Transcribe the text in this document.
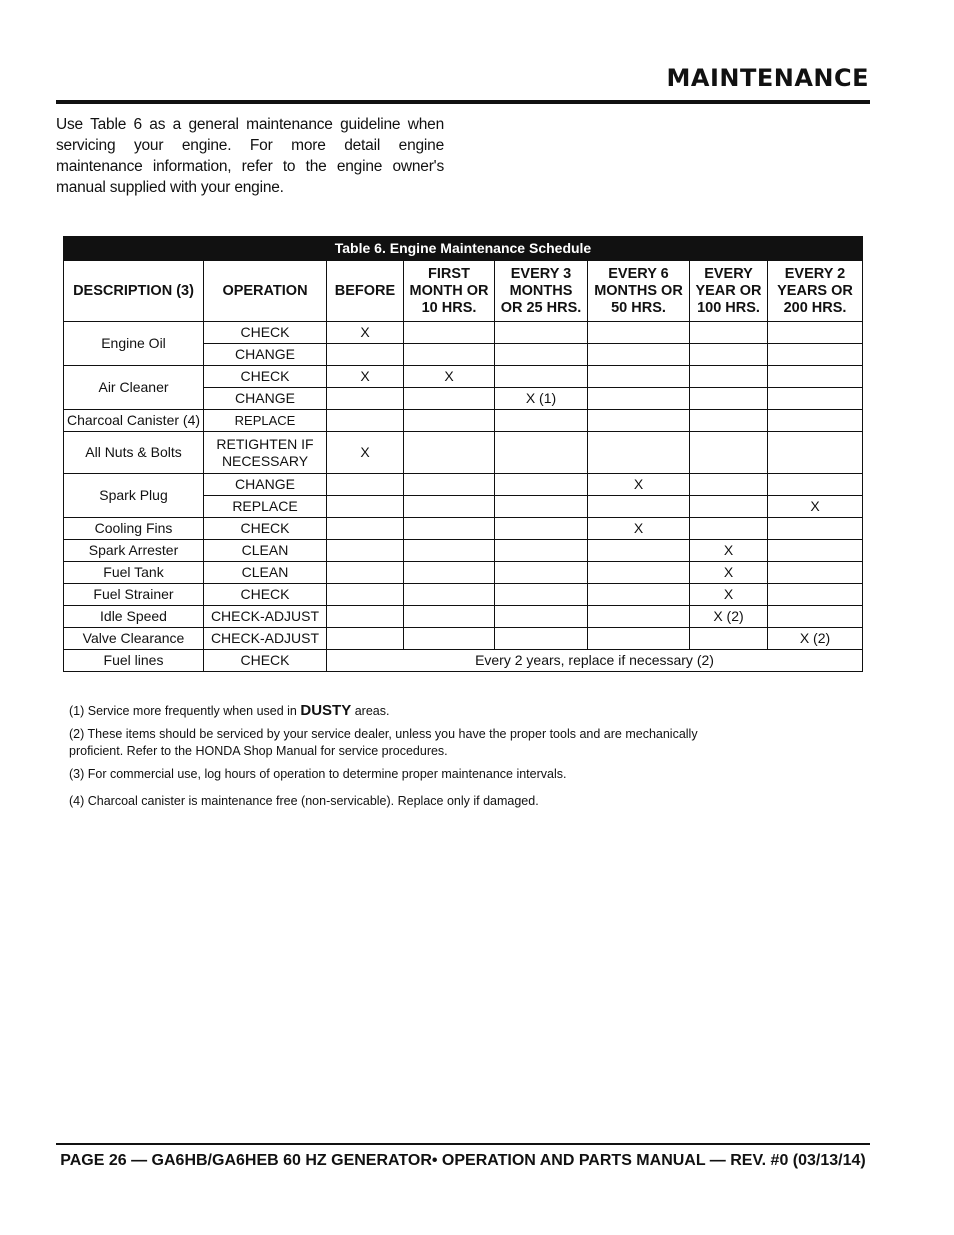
MAINTENANCE
Use Table 6 as a general maintenance guideline when servicing your engine. For more detail engine maintenance information, refer to the engine owner's manual supplied with your engine.
Table 6. Engine Maintenance Schedule
DESCRIPTION (3)	OPERATION	BEFORE	FIRST MONTH OR 10 HRS.	EVERY 3 MONTHS OR 25 HRS.	EVERY 6 MONTHS OR 50 HRS.	EVERY YEAR OR 100 HRS.	EVERY 2 YEARS OR 200 HRS.
Engine Oil	CHECK	X					
	CHANGE						
Air Cleaner	CHECK	X	X				
	CHANGE			X (1)			
Charcoal Canister (4)	REPLACE						
All Nuts & Bolts	RETIGHTEN IF NECESSARY	X					
Spark Plug	CHANGE				X		
	REPLACE						X
Cooling Fins	CHECK				X		
Spark Arrester	CLEAN					X	
Fuel Tank	CLEAN					X	
Fuel Strainer	CHECK					X	
Idle Speed	CHECK-ADJUST					X (2)	
Valve Clearance	CHECK-ADJUST						X (2)
Fuel lines	CHECK	Every 2 years, replace if necessary (2)					

(1) Service more frequently when used in DUSTY areas.

(2) These items should be serviced by your service dealer, unless you have the proper tools and are mechanically proficient. Refer to the HONDA Shop Manual for service procedures.

(3) For commercial use, log hours of operation to determine proper maintenance intervals.

(4) Charcoal canister is maintenance free (non-servicable). Replace only if damaged.

PAGE 26 — GA6HB/GA6HEB 60 HZ GENERATOR• OPERATION AND PARTS MANUAL — REV. #0 (03/13/14)
